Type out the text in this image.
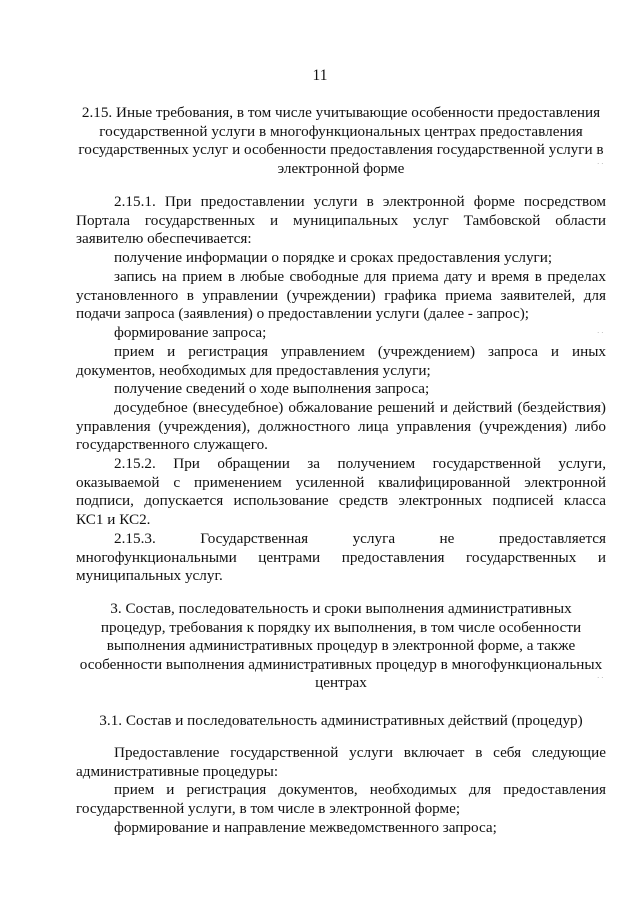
11
2.15. Иные требования, в том числе учитывающие особенности предоставления
государственной услуги в многофункциональных центрах предоставления
государственных услуг и особенности предоставления государственной услуги в
электронной форме	· ·
2.15.1. При предоставлении услуги в электронной форме посредством
Портала государственных и муниципальных услуг Тамбовской области
заявителю обеспечивается:
получение информации о порядке и сроках предоставления услуги;
запись на прием в любые свободные для приема дату и время в пределах
установленного в управлении (учреждении) графика приема заявителей, для
подачи запроса (заявления) о предоставлении услуги (далее - запрос);
формирование запроса;	· ·
прием и регистрация управлением (учреждением) запроса и иных
документов, необходимых для предоставления услуги;
получение сведений о ходе выполнения запроса;
досудебное (внесудебное) обжалование решений и действий (бездействия)
управления (учреждения), должностного лица управления (учреждения) либо
государственного служащего.
2.15.2. При обращении за получением государственной услуги,
оказываемой с применением усиленной квалифицированной электронной
подписи, допускается использование средств электронных подписей класса
КС1 и КС2.
2.15.3. Государственная услуга не предоставляется
многофункциональными центрами предоставления государственных и
муниципальных услуг.
3. Состав, последовательность и сроки выполнения административных
процедур, требования к порядку их выполнения, в том числе особенности
выполнения административных процедур в электронной форме, а также
особенности выполнения административных процедур в многофункциональных
центрах	· ·
3.1. Состав и последовательность административных действий (процедур)
Предоставление государственной услуги включает в себя следующие
административные процедуры:
прием и регистрация документов, необходимых для предоставления
государственной услуги, в том числе в электронной форме;
формирование и направление межведомственного запроса;
